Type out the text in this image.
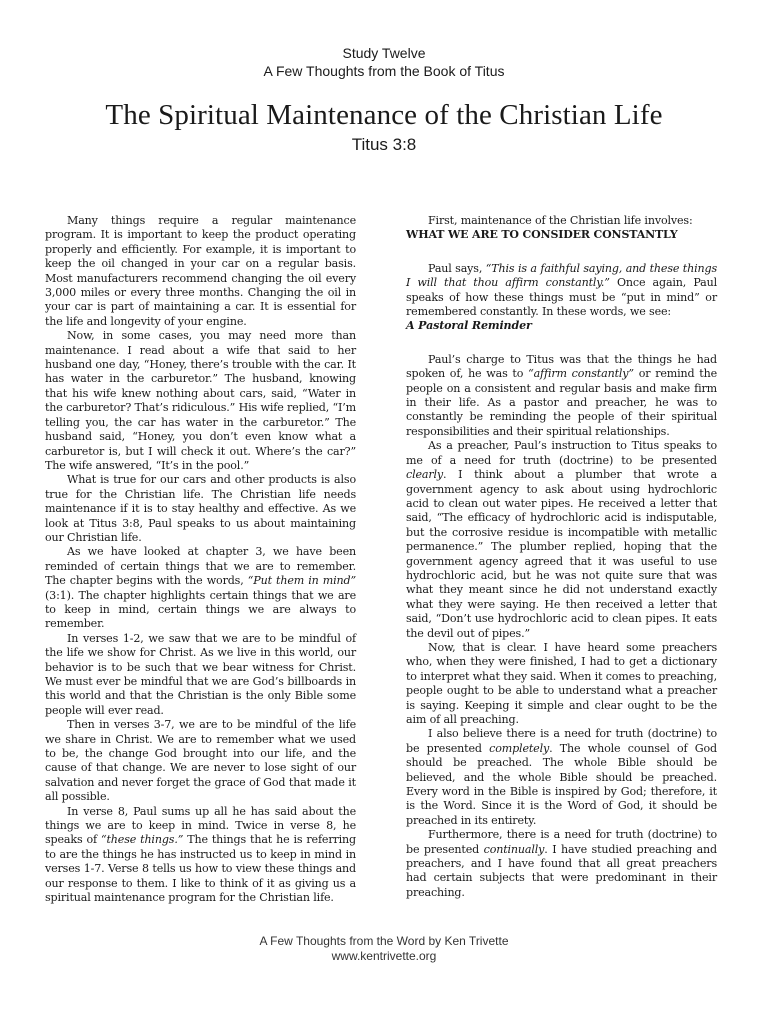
Study Twelve
A Few Thoughts from the Book of Titus
The Spiritual Maintenance of the Christian Life
Titus 3:8

Many things require a regular maintenance program. It is important to keep the product operating properly and efficiently. For example, it is important to keep the oil changed in your car on a regular basis. Most manufacturers recommend changing the oil every 3,000 miles or every three months. Changing the oil in your car is part of maintaining a car. It is essential for the life and longevity of your engine.

Now, in some cases, you may need more than maintenance. I read about a wife that said to her husband one day, “Honey, there’s trouble with the car. It has water in the carburetor.” The husband, knowing that his wife knew nothing about cars, said, “Water in the carburetor? That’s ridiculous.” His wife replied, “I’m telling you, the car has water in the carburetor.” The husband said, “Honey, you don’t even know what a carburetor is, but I will check it out. Where’s the car?” The wife answered, “It’s in the pool.”

What is true for our cars and other products is also true for the Christian life. The Christian life needs maintenance if it is to stay healthy and effective. As we look at Titus 3:8, Paul speaks to us about maintaining our Christian life.

As we have looked at chapter 3, we have been reminded of certain things that we are to remember. The chapter begins with the words, “Put them in mind” (3:1). The chapter highlights certain things that we are to keep in mind, certain things we are always to remember.

In verses 1-2, we saw that we are to be mindful of the life we show for Christ. As we live in this world, our behavior is to be such that we bear witness for Christ. We must ever be mindful that we are God’s billboards in this world and that the Christian is the only Bible some people will ever read.

Then in verses 3-7, we are to be mindful of the life we share in Christ. We are to remember what we used to be, the change God brought into our life, and the cause of that change. We are never to lose sight of our salvation and never forget the grace of God that made it all possible.

In verse 8, Paul sums up all he has said about the things we are to keep in mind. Twice in verse 8, he speaks of “these things.” The things that he is referring to are the things he has instructed us to keep in mind in verses 1-7. Verse 8 tells us how to view these things and our response to them. I like to think of it as giving us a spiritual maintenance program for the Christian life.

First, maintenance of the Christian life involves:

WHAT WE ARE TO CONSIDER CONSTANTLY

Paul says, “This is a faithful saying, and these things I will that thou affirm constantly.” Once again, Paul speaks of how these things must be “put in mind” or remembered constantly. In these words, we see:

A Pastoral Reminder

Paul’s charge to Titus was that the things he had spoken of, he was to “affirm constantly” or remind the people on a consistent and regular basis and make firm in their life. As a pastor and preacher, he was to constantly be reminding the people of their spiritual responsibilities and their spiritual relationships.

As a preacher, Paul’s instruction to Titus speaks to me of a need for truth (doctrine) to be presented clearly. I think about a plumber that wrote a government agency to ask about using hydrochloric acid to clean out water pipes. He received a letter that said, “The efficacy of hydrochloric acid is indisputable, but the corrosive residue is incompatible with metallic permanence.” The plumber replied, hoping that the government agency agreed that it was useful to use hydrochloric acid, but he was not quite sure that was what they meant since he did not understand exactly what they were saying. He then received a letter that said, “Don’t use hydrochloric acid to clean pipes. It eats the devil out of pipes.”

Now, that is clear. I have heard some preachers who, when they were finished, I had to get a dictionary to interpret what they said. When it comes to preaching, people ought to be able to understand what a preacher is saying. Keeping it simple and clear ought to be the aim of all preaching.

I also believe there is a need for truth (doctrine) to be presented completely. The whole counsel of God should be preached. The whole Bible should be believed, and the whole Bible should be preached. Every word in the Bible is inspired by God; therefore, it is the Word. Since it is the Word of God, it should be preached in its entirety.

Furthermore, there is a need for truth (doctrine) to be presented continually. I have studied preaching and preachers, and I have found that all great preachers had certain subjects that were predominant in their preaching.

A Few Thoughts from the Word by Ken Trivette
www.kentrivette.org
